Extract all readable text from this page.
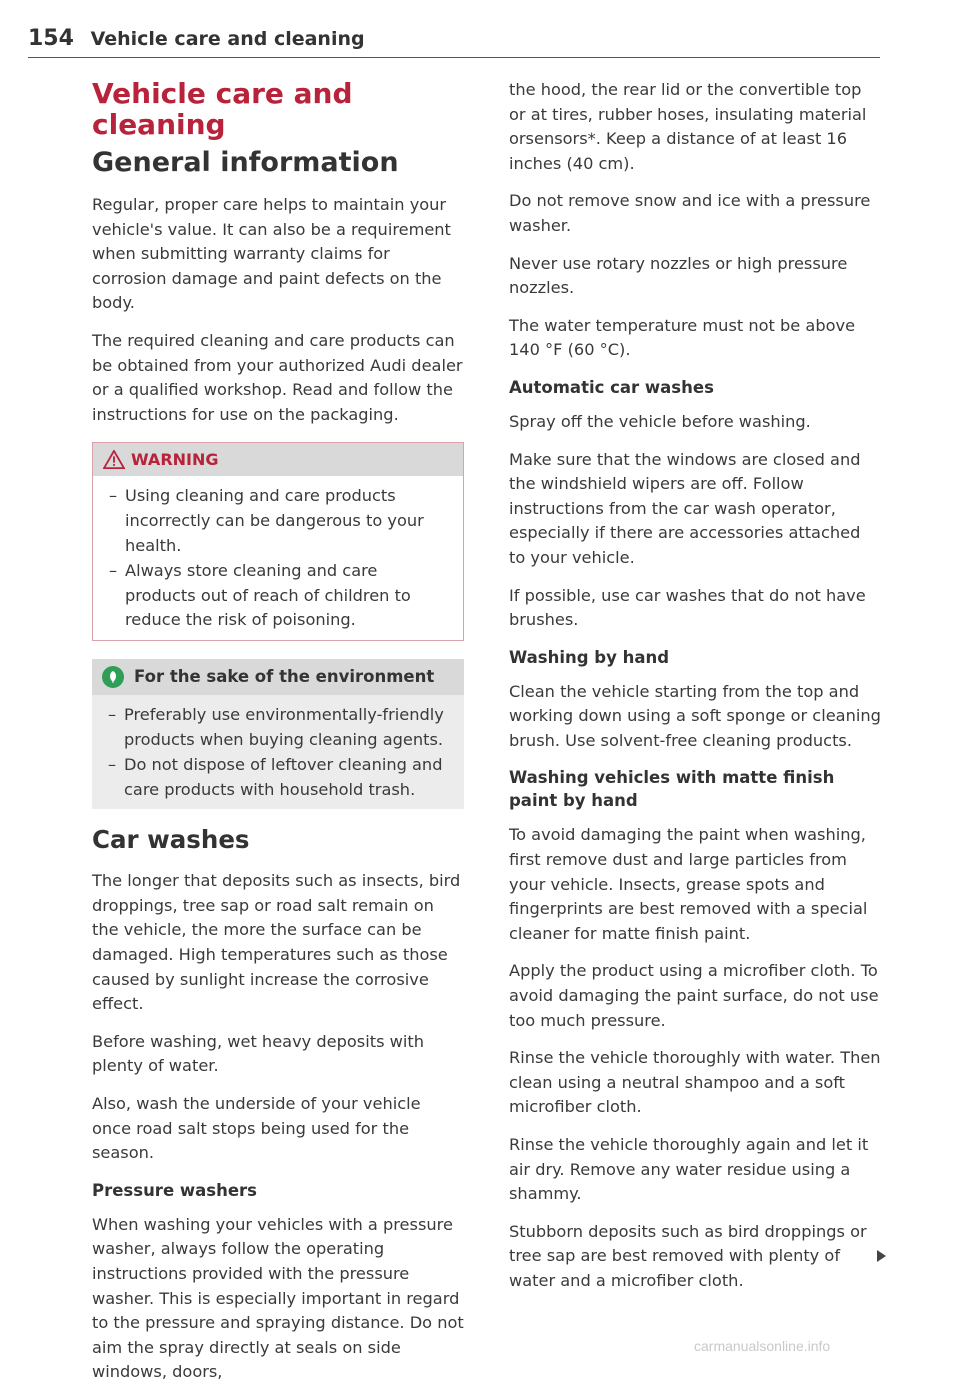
154 Vehicle care and cleaning
Vehicle care and cleaning
General information

Regular, proper care helps to maintain your vehicle's value. It can also be a requirement when submitting warranty claims for corrosion damage and paint defects on the body.

The required cleaning and care products can be obtained from your authorized Audi dealer or a qualified workshop. Read and follow the instructions for use on the packaging.

WARNING
– Using cleaning and care products incorrectly can be dangerous to your health.
– Always store cleaning and care products out of reach of children to reduce the risk of poisoning.
For the sake of the environment
– Preferably use environmentally-friendly products when buying cleaning agents.
– Do not dispose of leftover cleaning and care products with household trash.
Car washes

The longer that deposits such as insects, bird droppings, tree sap or road salt remain on the vehicle, the more the surface can be damaged. High temperatures such as those caused by sunlight increase the corrosive effect.

Before washing, wet heavy deposits with plenty of water.

Also, wash the underside of your vehicle once road salt stops being used for the season.

Pressure washers

When washing your vehicles with a pressure washer, always follow the operating instructions provided with the pressure washer. This is especially important in regard to the pressure and spraying distance. Do not aim the spray directly at seals on side windows, doors,

the hood, the rear lid or the convertible top or at tires, rubber hoses, insulating material orsensors*. Keep a distance of at least 16 inches (40 cm).

Do not remove snow and ice with a pressure washer.

Never use rotary nozzles or high pressure nozzles.

The water temperature must not be above 140 °F (60 °C).

Automatic car washes

Spray off the vehicle before washing.

Make sure that the windows are closed and the windshield wipers are off. Follow instructions from the car wash operator, especially if there are accessories attached to your vehicle.

If possible, use car washes that do not have brushes.

Washing by hand

Clean the vehicle starting from the top and working down using a soft sponge or cleaning brush. Use solvent-free cleaning products.

Washing vehicles with matte finish paint by hand

To avoid damaging the paint when washing, first remove dust and large particles from your vehicle. Insects, grease spots and fingerprints are best removed with a special cleaner for matte finish paint.

Apply the product using a microfiber cloth. To avoid damaging the paint surface, do not use too much pressure.

Rinse the vehicle thoroughly with water. Then clean using a neutral shampoo and a soft microfiber cloth.

Rinse the vehicle thoroughly again and let it air dry. Remove any water residue using a shammy.

Stubborn deposits such as bird droppings or tree sap are best removed with plenty of water and a microfiber cloth.

carmanualsonline.info
